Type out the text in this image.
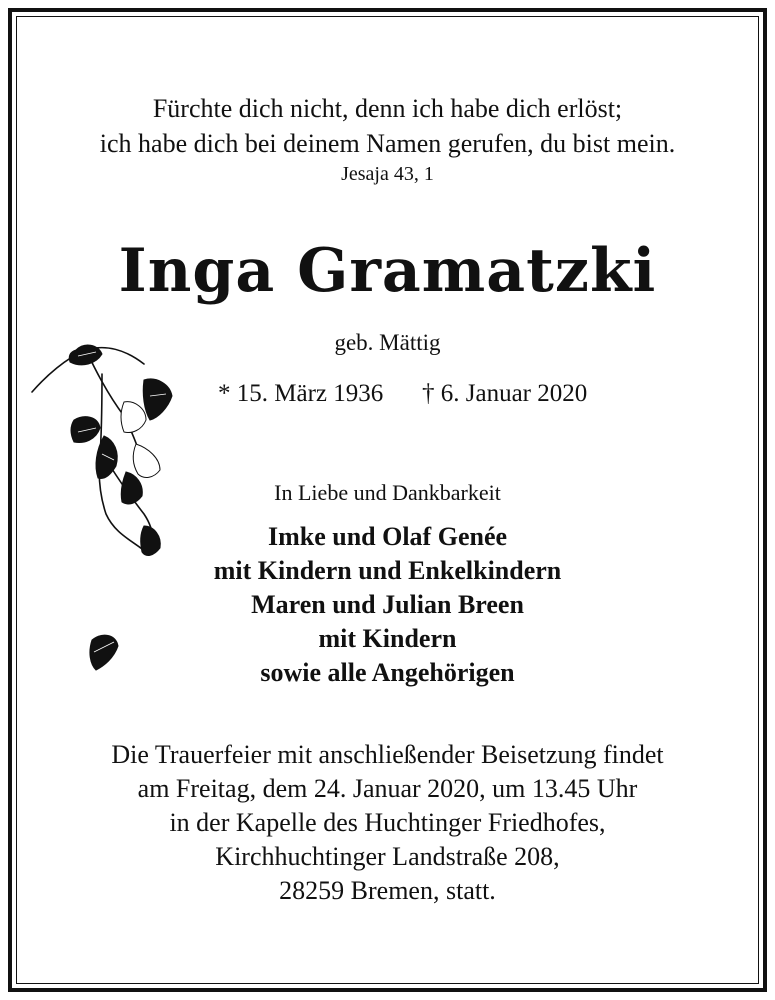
Fürchte dich nicht, denn ich habe dich erlöst;
ich habe dich bei deinem Namen gerufen, du bist mein.
Jesaja 43, 1
Inga Gramatzki
geb. Mättig
* 15. März 1936 † 6. Januar 2020
In Liebe und Dankbarkeit
Imke und Olaf Genée
mit Kindern und Enkelkindern
Maren und Julian Breen
mit Kindern
sowie alle Angehörigen
Die Trauerfeier mit anschließender Beisetzung findet
am Freitag, dem 24. Januar 2020, um 13.45 Uhr
in der Kapelle des Huchtinger Friedhofes,
Kirchhuchtinger Landstraße 208,
28259 Bremen, statt.
